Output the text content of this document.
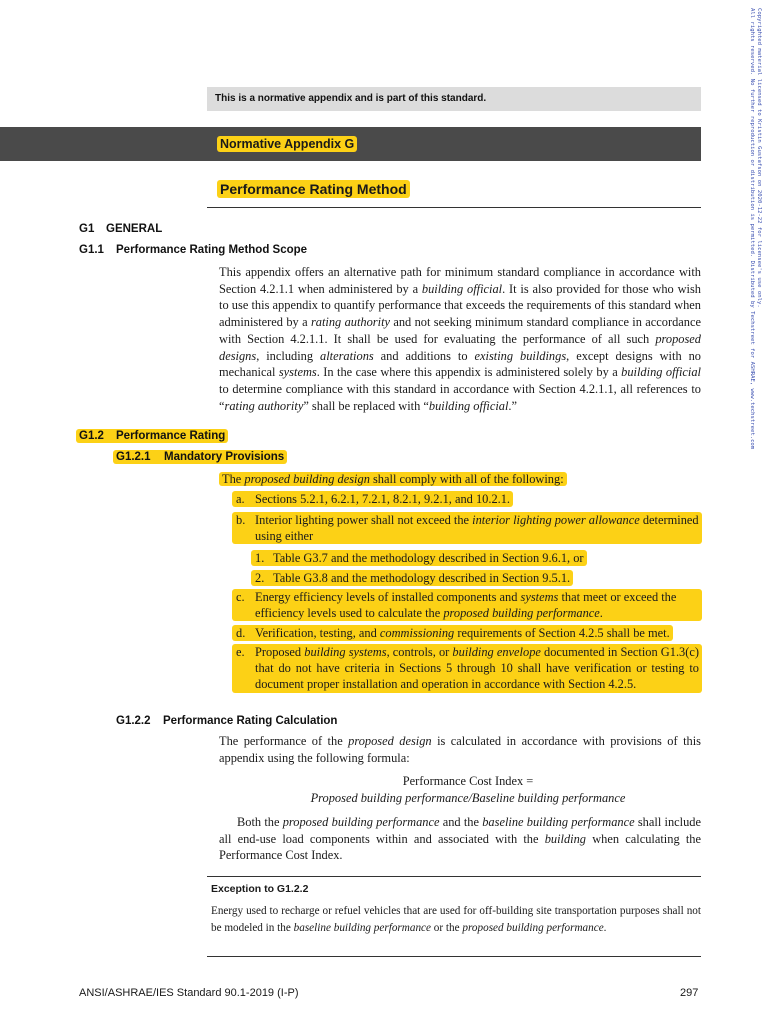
Copyrighted material licensed to Kristin Gustafson on 2020-12-22 for licensee's use only.
All rights reserved. No further reproduction or distribution is permitted. Distributed by Techstreet for ASHRAE, www.techstreet.com
This is a normative appendix and is part of this standard.
Normative Appendix G
Performance Rating Method
G1 GENERAL
G1.1 Performance Rating Method Scope
This appendix offers an alternative path for minimum standard compliance in accordance with Section 4.2.1.1 when administered by a building official. It is also provided for those who wish to use this appendix to quantify performance that exceeds the requirements of this standard when administered by a rating authority and not seeking minimum standard compliance in accordance with Section 4.2.1.1. It shall be used for evaluating the performance of all such proposed designs, including alterations and additions to existing buildings, except designs with no mechanical systems. In the case where this appendix is administered solely by a building official to determine compliance with this standard in accordance with Section 4.2.1.1, all references to “rating authority” shall be replaced with “building official.”
G1.2 Performance Rating
G1.2.1 Mandatory Provisions
The proposed building design shall comply with all of the following:
a. Sections 5.2.1, 6.2.1, 7.2.1, 8.2.1, 9.2.1, and 10.2.1.
b. Interior lighting power shall not exceed the interior lighting power allowance determined using either
1. Table G3.7 and the methodology described in Section 9.6.1, or
2. Table G3.8 and the methodology described in Section 9.5.1.
c. Energy efficiency levels of installed components and systems that meet or exceed the efficiency levels used to calculate the proposed building performance.
d. Verification, testing, and commissioning requirements of Section 4.2.5 shall be met.
e. Proposed building systems, controls, or building envelope documented in Section G1.3(c) that do not have criteria in Sections 5 through 10 shall have verification or testing to document proper installation and operation in accordance with Section 4.2.5.
G1.2.2 Performance Rating Calculation
The performance of the proposed design is calculated in accordance with provisions of this appendix using the following formula:
Performance Cost Index =
Proposed building performance/Baseline building performance
Both the proposed building performance and the baseline building performance shall include all end-use load components within and associated with the building when calculating the Performance Cost Index.
Exception to G1.2.2
Energy used to recharge or refuel vehicles that are used for off-building site transportation purposes shall not be modeled in the baseline building performance or the proposed building performance.
ANSI/ASHRAE/IES Standard 90.1-2019 (I-P)	297
